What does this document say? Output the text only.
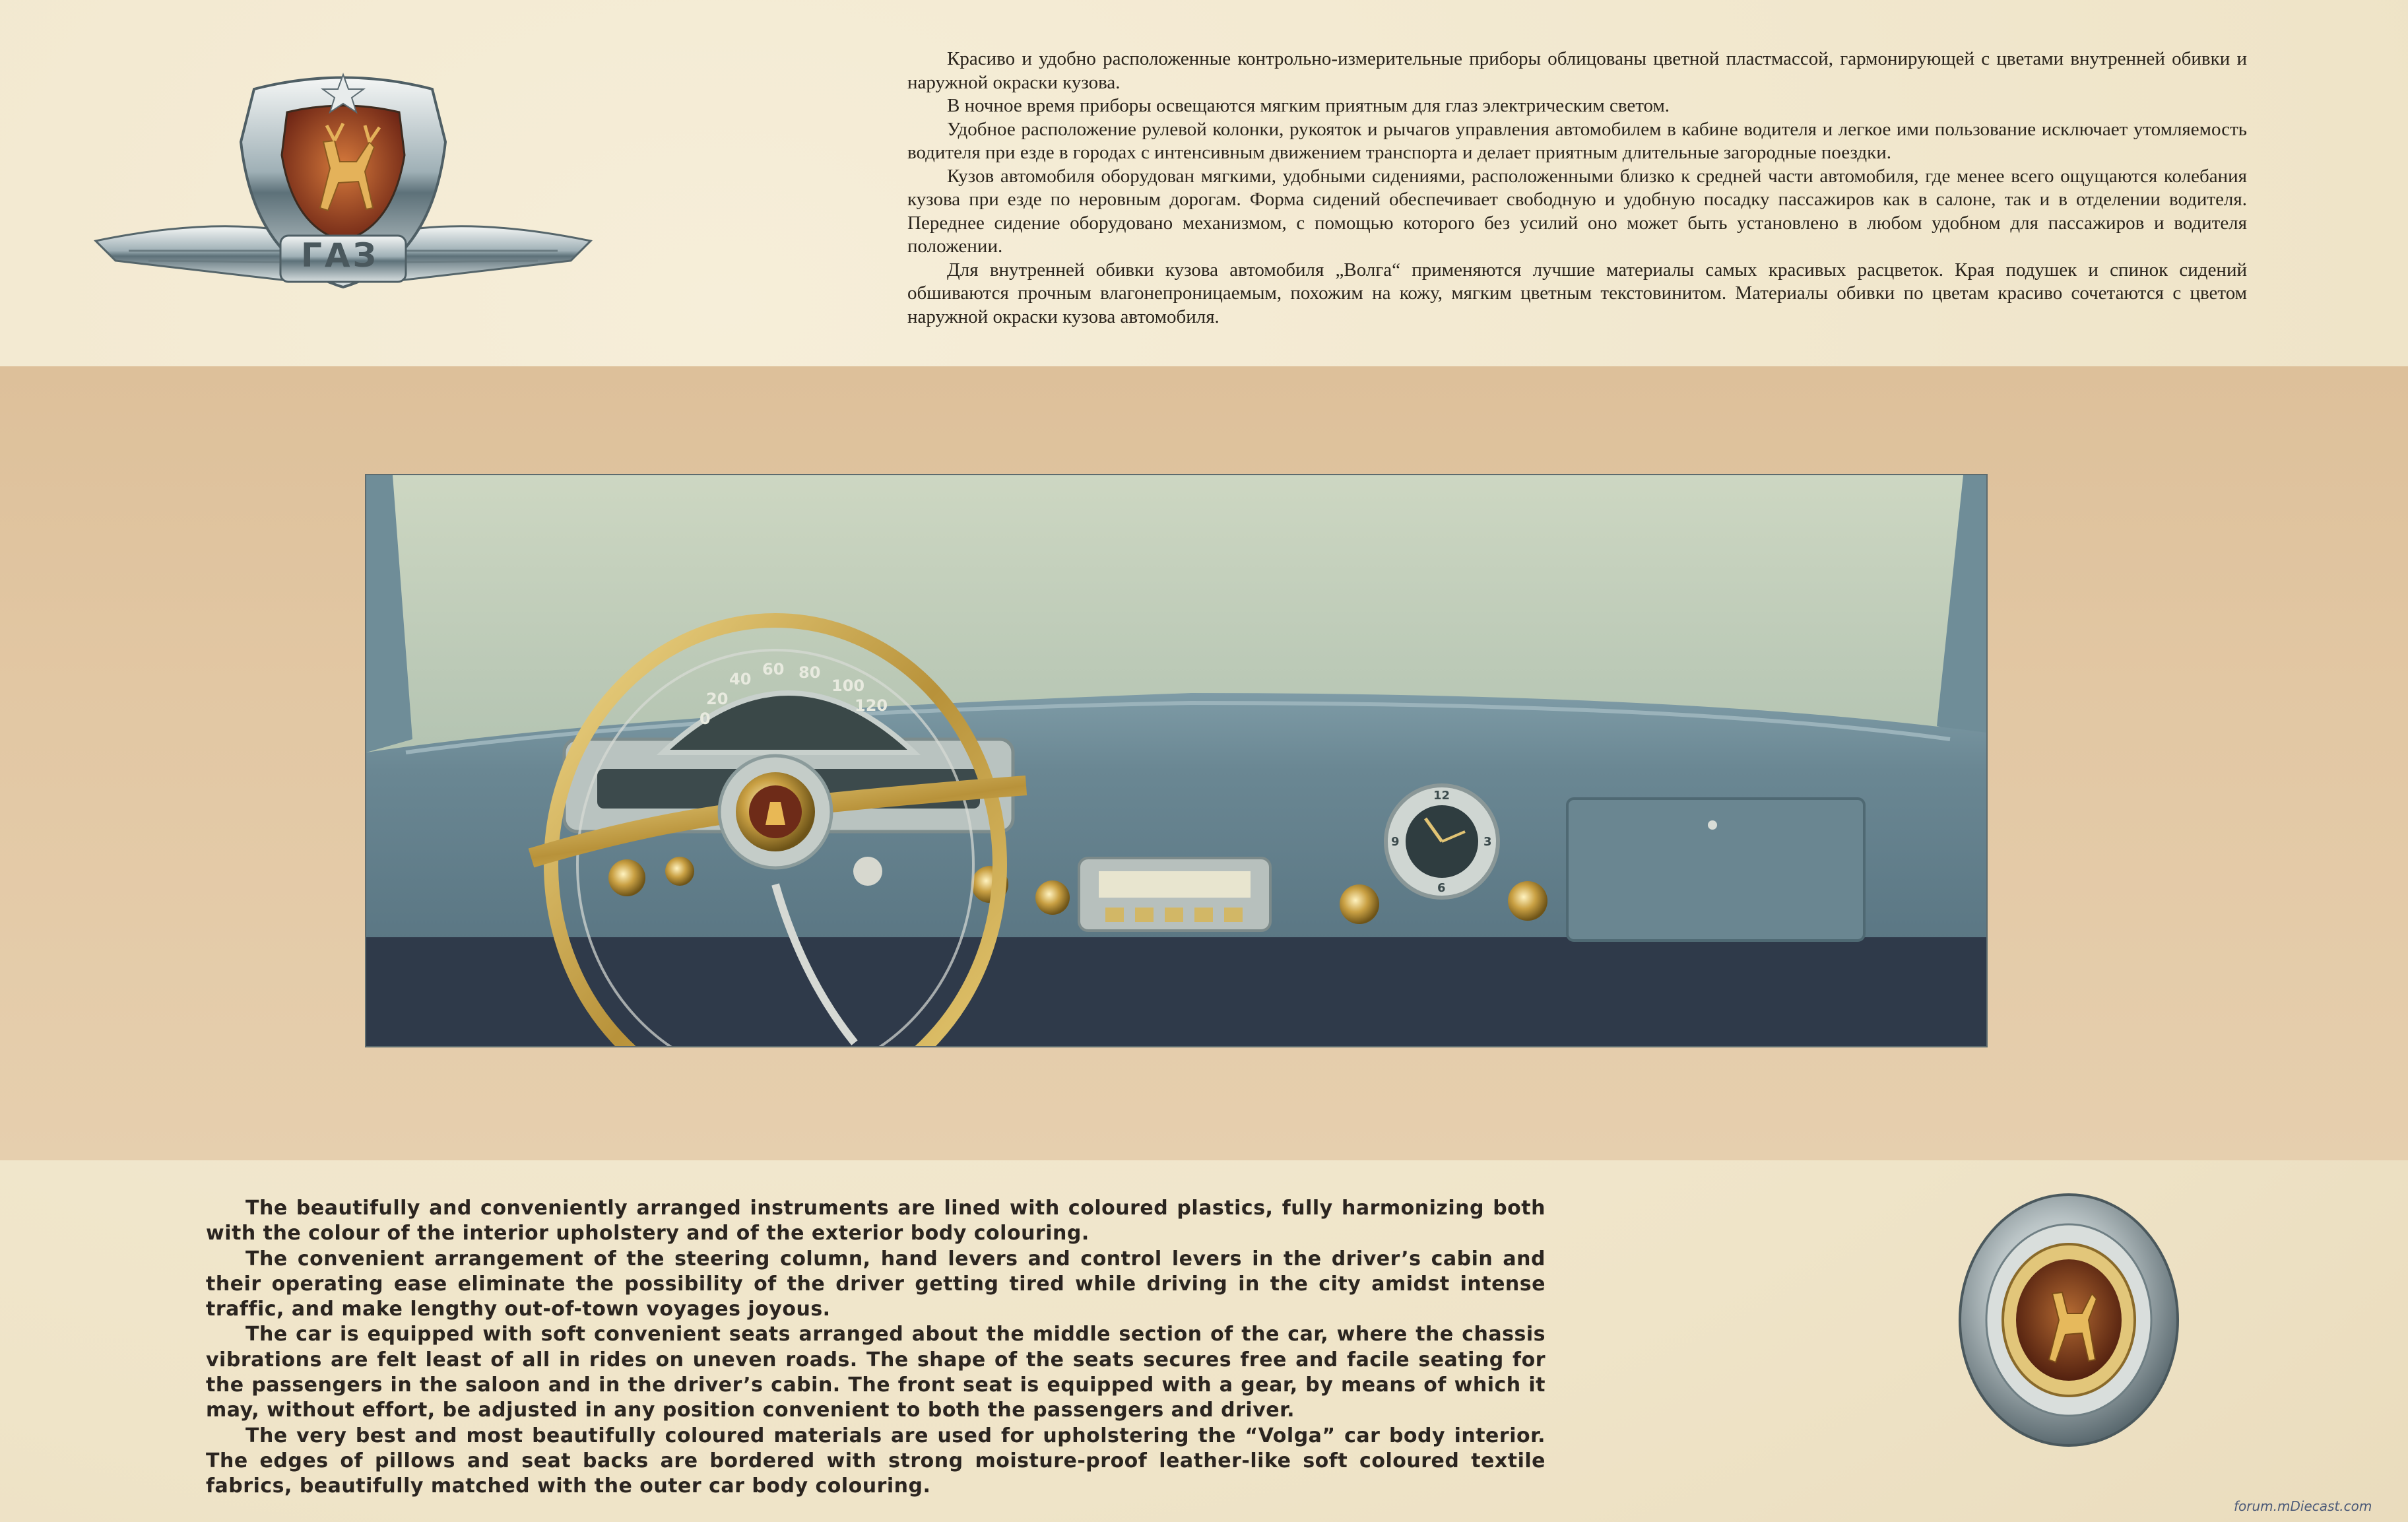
ГАЗ

Красиво и удобно расположенные контрольно-измерительные приборы облицованы цветной пластмассой, гармонирующей с цветами внутренней обивки и наружной окраски кузова.

В ночное время приборы освещаются мягким приятным для глаз электрическим светом.

Удобное расположение рулевой колонки, рукояток и рычагов управления автомобилем в кабине водителя и легкое ими пользование исключает утомляемость водителя при езде в городах с интенсивным движением транспорта и делает приятным длительные загородные поездки.

Кузов автомобиля оборудован мягкими, удобными сидениями, расположенными близко к средней части автомобиля, где менее всего ощущаются колебания кузова при езде по неровным дорогам. Форма сидений обеспечивает свободную и удобную посадку пассажиров как в салоне, так и в отделении водителя. Переднее сидение оборудовано механизмом, с помощью которого без усилий оно может быть установлено в любом удобном для пассажиров и водителя положении.

Для внутренней обивки кузова автомобиля „Волга“ применяются лучшие материалы самых красивых расцветок. Края подушек и спинок сидений обшиваются прочным влагонепроницаемым, похожим на кожу, мягким цветным текстовинитом. Материалы обивки по цветам красиво сочетаются с цветом наружной окраски кузова автомобиля.

0
20
40
60 80
100
120
12
3
6
9

The beautifully and conveniently arranged instruments are lined with coloured plastics, fully harmonizing both with the colour of the interior upholstery and of the exterior body colouring.

The convenient arrangement of the steering column, hand levers and control levers in the driver’s cabin and their operating ease eliminate the possibility of the driver getting tired while driving in the city amidst intense traffic, and make lengthy out-of-town voyages joyous.

The car is equipped with soft convenient seats arranged about the middle section of the car, where the chassis vibrations are felt least of all in rides on uneven roads. The shape of the seats secures free and facile seating for the passengers in the saloon and in the driver’s cabin. The front seat is equipped with a gear, by means of which it may, without effort, be adjusted in any position convenient to both the passengers and driver.

The very best and most beautifully coloured materials are used for upholstering the “Volga” car body interior. The edges of pillows and seat backs are bordered with strong moisture-proof leather-like soft coloured textile fabrics, beautifully matched with the outer car body colouring.

forum.mDiecast.com
